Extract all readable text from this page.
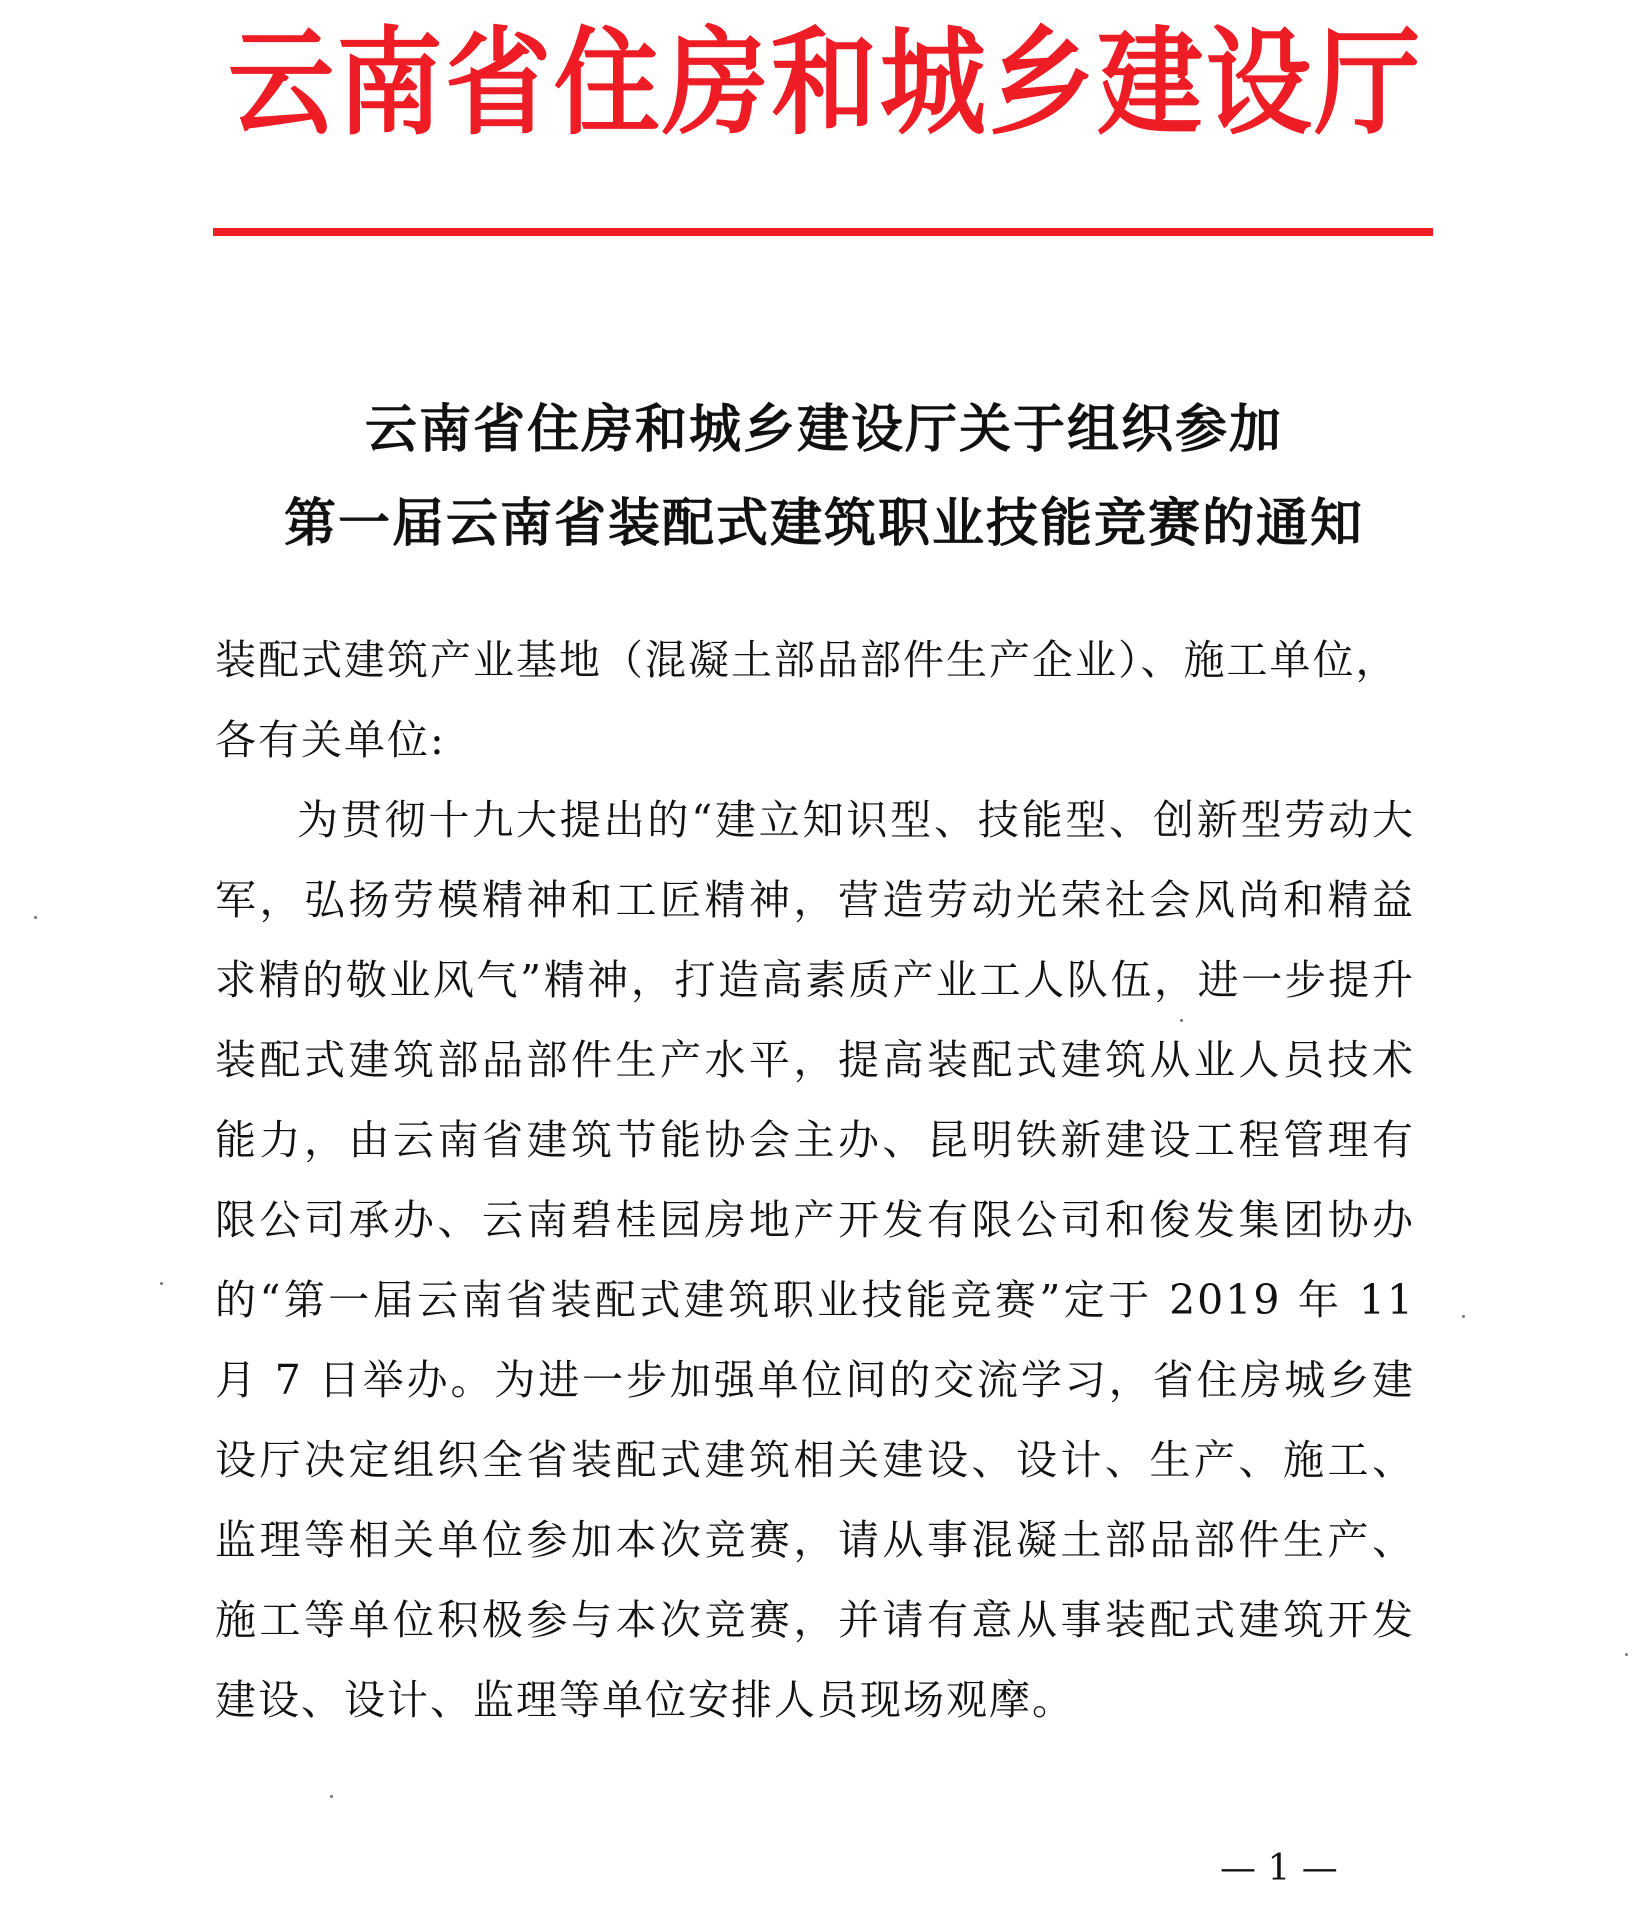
云南省住房和城乡建设厅
云南省住房和城乡建设厅关于组织参加
第一届云南省装配式建筑职业技能竞赛的通知

装配式建筑产业基地（混凝土部品部件生产企业）、施工单位，

各有关单位:

为贯彻十九大提出的“建立知识型、技能型、创新型劳动大军，弘扬劳模精神和工匠精神，营造劳动光荣社会风尚和精益求精的敬业风气”精神，打造高素质产业工人队伍，进一步提升装配式建筑部品部件生产水平，提高装配式建筑从业人员技术能力，由云南省建筑节能协会主办、昆明铁新建设工程管理有限公司承办、云南碧桂园房地产开发有限公司和俊发集团协办的“第一届云南省装配式建筑职业技能竞赛”定于 2019 年 11 月 7 日举办。为进一步加强单位间的交流学习，省住房城乡建设厅决定组织全省装配式建筑相关建设、设计、生产、施工、监理等相关单位参加本次竞赛，请从事混凝土部品部件生产、施工等单位积极参与本次竞赛，并请有意从事装配式建筑开发建设、设计、监理等单位安排人员现场观摩。

— 1 —
